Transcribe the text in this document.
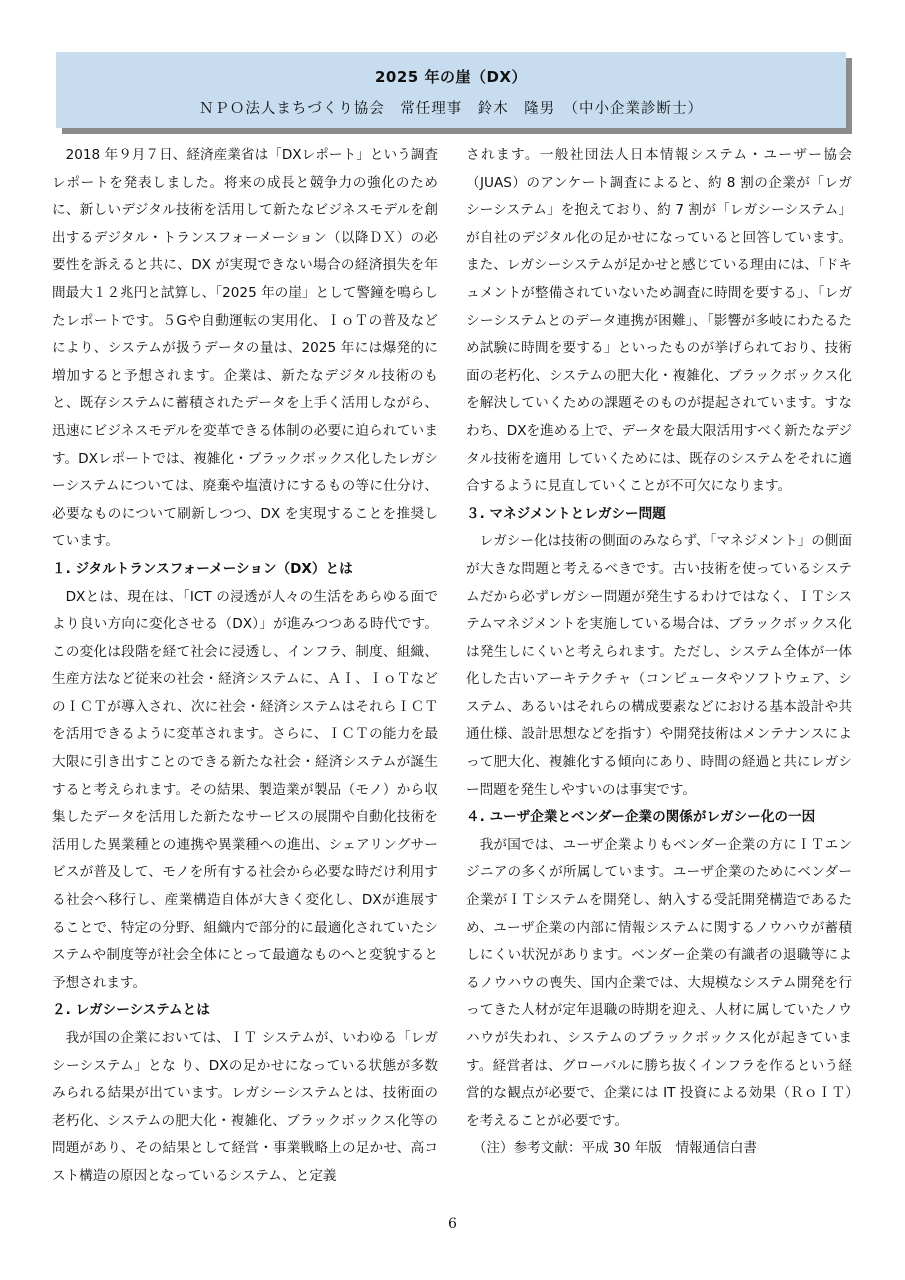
2025 年の崖（DX）
ＮＰＯ法人まちづくり協会　常任理事　鈴木　隆男　（中小企業診断士）

2018 年９月７日、経済産業省は「DXレポート」という調査レポートを発表しました。将来の成長と競争力の強化のために、新しいデジタル技術を活用して新たなビジネスモデルを創出するデジタル・トランスフォーメーション（以降ＤＸ）の必要性を訴えると共に、DX が実現できない場合の経済損失を年間最大１２兆円と試算し、「2025 年の崖」として警鐘を鳴らしたレポートです。５Gや自動運転の実用化、ＩｏＴの普及などにより、システムが扱うデータの量は、2025 年には爆発的に増加すると予想されます。企業は、新たなデジタル技術のもと、既存システムに蓄積されたデータを上手く活用しながら、迅速にビジネスモデルを変革できる体制の必要に迫られています。DXレポートでは、複雑化・ブラックボックス化したレガシーシステムについては、廃棄や塩漬けにするもの等に仕分け、必要なものについて刷新しつつ、DX を実現することを推奨しています。

１. ジタルトランスフォーメーション（DX）とは

DXとは、現在は、「ICT の浸透が人々の生活をあらゆる面でより良い方向に変化させる（DX）」が進みつつある時代です。この変化は段階を経て社会に浸透し、インフラ、制度、組織、生産方法など従来の社会・経済システムに、ＡＩ、ＩｏＴなどのＩＣＴが導入され、次に社会・経済システムはそれらＩＣＴを活用できるように変革されます。さらに、ＩＣＴの能力を最大限に引き出すことのできる新たな社会・経済システムが誕生すると考えられます。その結果、製造業が製品（モノ）から収集したデータを活用した新たなサービスの展開や自動化技術を活用した異業種との連携や異業種への進出、シェアリングサービスが普及して、モノを所有する社会から必要な時だけ利用する社会へ移行し、産業構造自体が大きく変化し、DXが進展することで、特定の分野、組織内で部分的に最適化されていたシステムや制度等が社会全体にとって最適なものへと変貌すると予想されます。

２. レガシーシステムとは

我が国の企業においては、ＩＴ システムが、いわゆる「レガシーシステム」とな り、DXの足かせになっている状態が多数みられる結果が出ています。レガシーシステムとは、技術面の老朽化、システムの肥大化・複雑化、ブラックボックス化等の問題があり、その結果として経営・事業戦略上の足かせ、高コスト構造の原因となっているシステム、と定義

されます。一般社団法人日本情報システム・ユーザー協会（JUAS）のアンケート調査によると、約 8 割の企業が「レガシーシステム」を抱えており、約 7 割が「レガシーシステム」が自社のデジタル化の足かせになっていると回答しています。また、レガシーシステムが足かせと感じている理由には、「ドキュメントが整備されていないため調査に時間を要する」、「レガシーシステムとのデータ連携が困難」、「影響が多岐にわたるため試験に時間を要する」といったものが挙げられており、技術面の老朽化、システムの肥大化・複雑化、ブラックボックス化を解決していくための課題そのものが提起されています。すなわち、DXを進める上で、データを最大限活用すべく新たなデジタル技術を適用 していくためには、既存のシステムをそれに適合するように見直していくことが不可欠になります。

３. マネジメントとレガシー問題

レガシー化は技術の側面のみならず、「マネジメント」の側面が大きな問題と考えるべきです。古い技術を使っているシステムだから必ずレガシー問題が発生するわけではなく、ＩＴシステムマネジメントを実施している場合は、ブラックボックス化は発生しにくいと考えられます。ただし、システム全体が一体化した古いアーキテクチャ（コンピュータやソフトウェア、システム、あるいはそれらの構成要素などにおける基本設計や共通仕様、設計思想などを指す）や開発技術はメンテナンスによって肥大化、複雑化する傾向にあり、時間の経過と共にレガシー問題を発生しやすいのは事実です。

４. ユーザ企業とベンダー企業の関係がレガシー化の一因

我が国では、ユーザ企業よりもベンダー企業の方にＩＴエンジニアの多くが所属しています。ユーザ企業のためにベンダー企業がＩＴシステムを開発し、納入する受託開発構造であるため、ユーザ企業の内部に情報システムに関するノウハウが蓄積しにくい状況があります。ベンダー企業の有識者の退職等によるノウハウの喪失、国内企業では、大規模なシステム開発を行ってきた人材が定年退職の時期を迎え、人材に属していたノウハウが失われ、システムのブラックボックス化が起きています。経営者は、グローバルに勝ち抜くインフラを作るという経営的な観点が必要で、企業には IT 投資による効果（ＲｏＩＴ）を考えることが必要です。

（注）参考文献：平成 30 年版　情報通信白書

6
